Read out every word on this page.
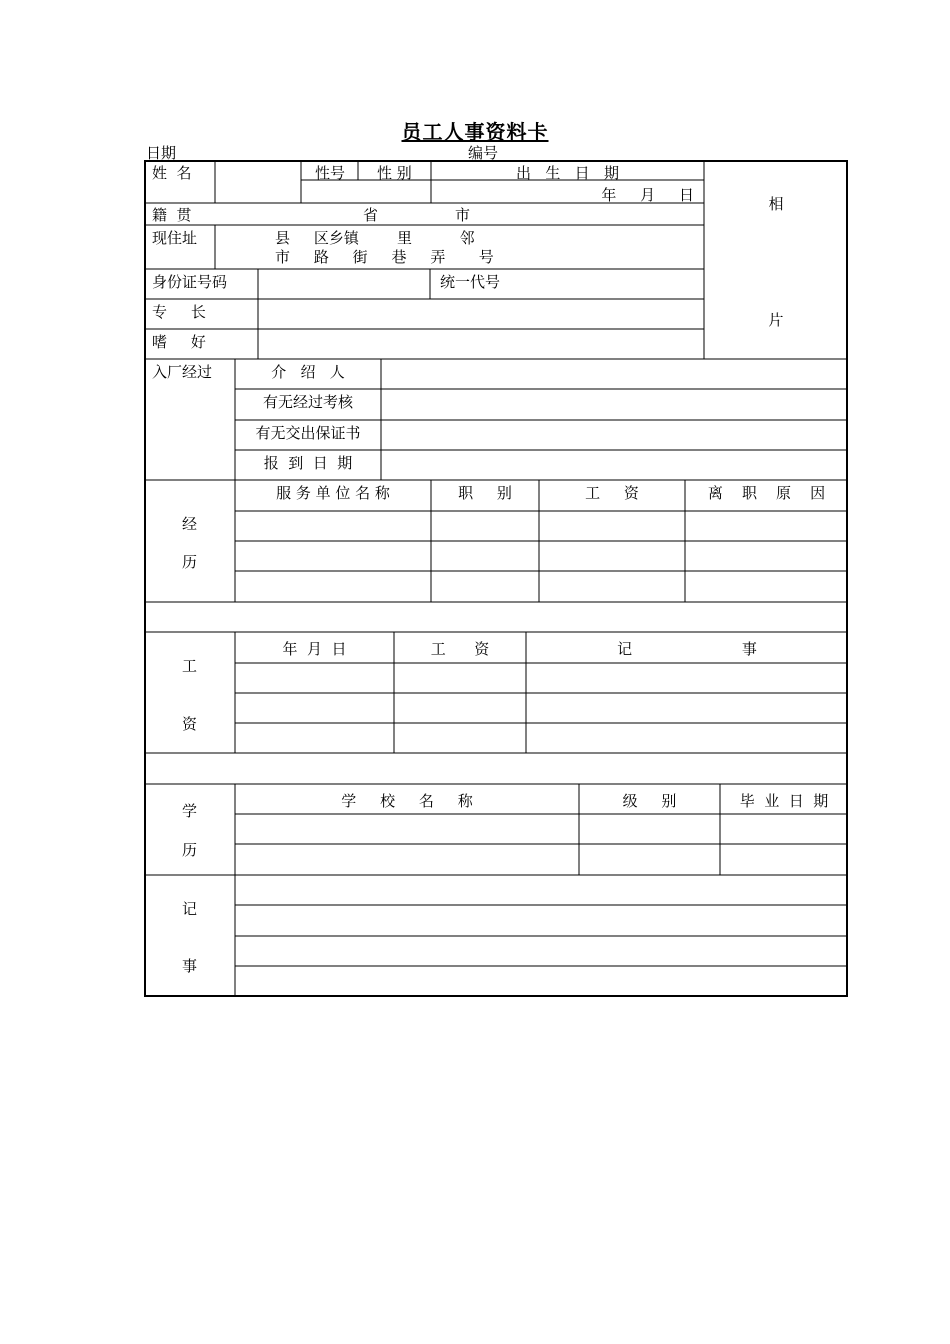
员工人事资料卡
日期	编号
姓  名	性号 性 别	出   生   日   期
年     月     日
籍  贯	省	市
现住址	县     区乡镇        里          邻
市     路     街     巷     弄       号
身份证号码	统一代号
专     长
嗜     好
相
片
入厂经过	介   绍   人
有无经过考核
有无交出保证书
报  到  日  期
经
历
服 务 单 位 名 称	职     别	工     资	离    职    原    因
工
资
年  月  日	工      资	记                       事
学
历
学     校     名     称	级     别	毕  业  日  期
记
事
